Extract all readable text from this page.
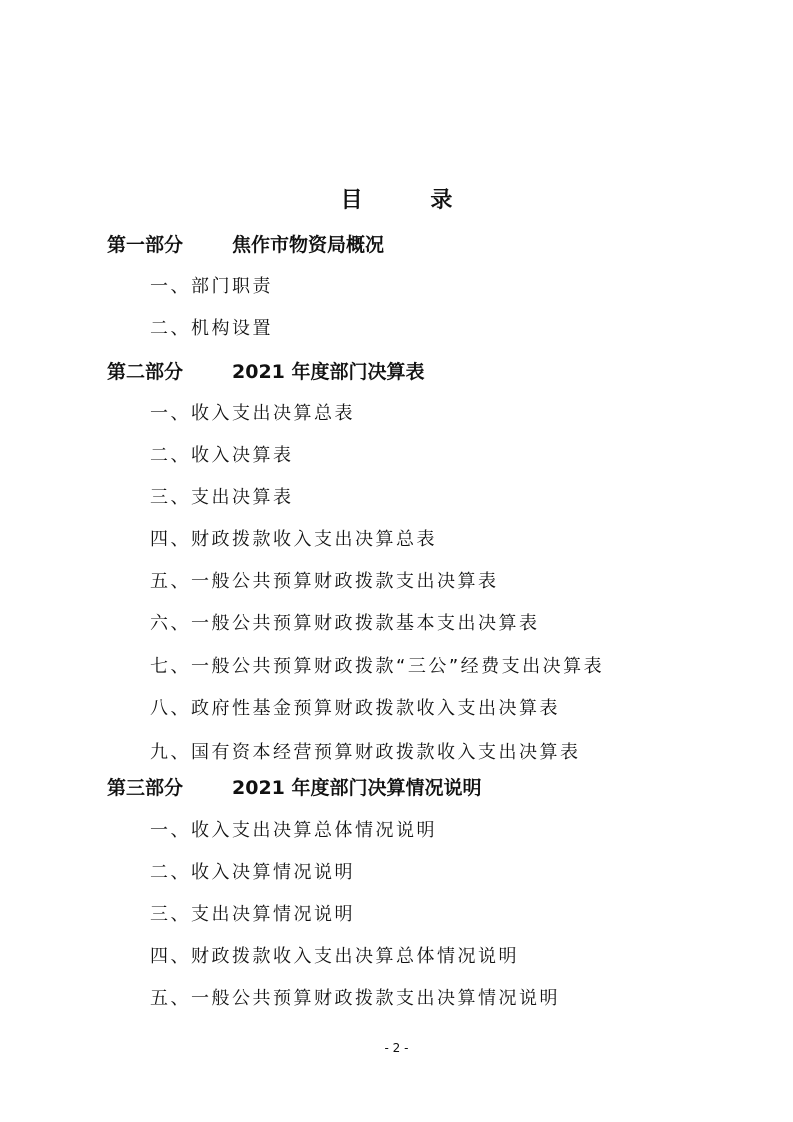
目 录
第一部分	焦作市物资局概况
一、部门职责
二、机构设置
第二部分	2021 年度部门决算表
一、收入支出决算总表
二、收入决算表
三、支出决算表
四、财政拨款收入支出决算总表
五、一般公共预算财政拨款支出决算表
六、一般公共预算财政拨款基本支出决算表
七、一般公共预算财政拨款“三公”经费支出决算表
八、政府性基金预算财政拨款收入支出决算表
九、国有资本经营预算财政拨款收入支出决算表
第三部分	2021 年度部门决算情况说明
一、收入支出决算总体情况说明
二、收入决算情况说明
三、支出决算情况说明
四、财政拨款收入支出决算总体情况说明
五、一般公共预算财政拨款支出决算情况说明
- 2 -
